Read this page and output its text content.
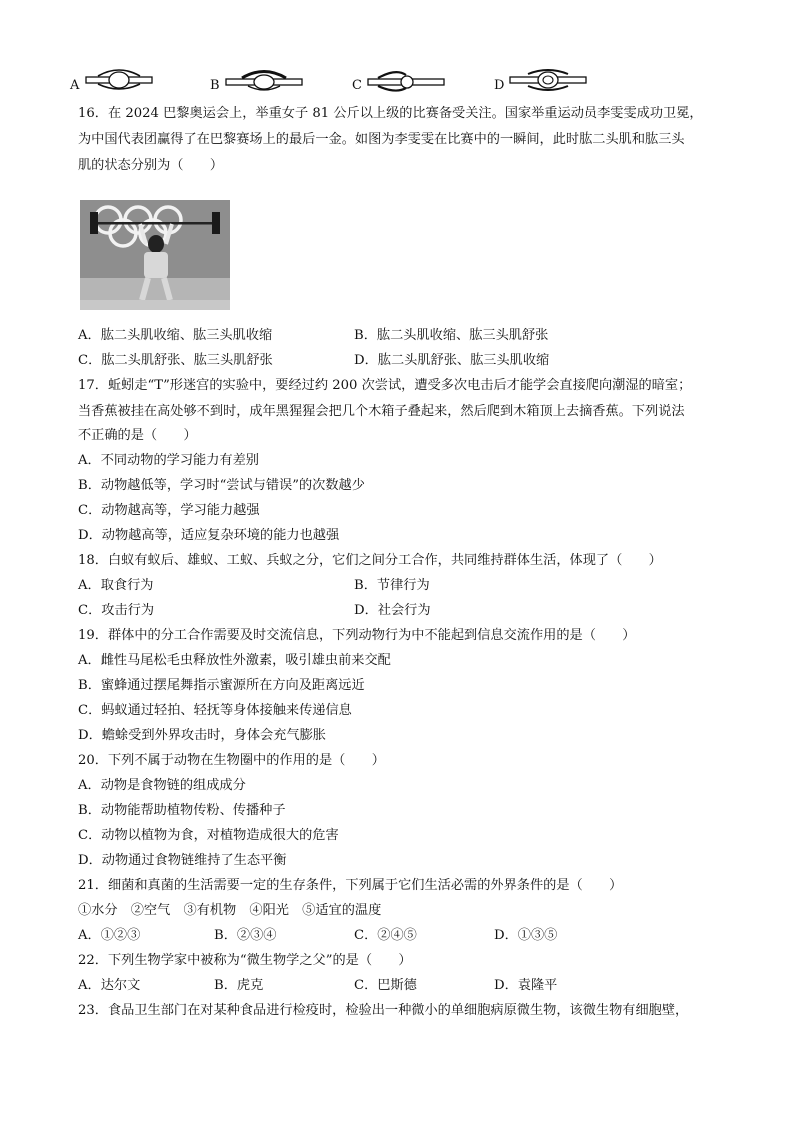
A	B	C	D
16．在 2024 巴黎奥运会上，举重女子 81 公斤以上级的比赛备受关注。国家举重运动员李雯雯成功卫冕，
为中国代表团赢得了在巴黎赛场上的最后一金。如图为李雯雯在比赛中的一瞬间，此时肱二头肌和肱三头
肌的状态分别为（　　）
A．肱二头肌收缩、肱三头肌收缩	B．肱二头肌收缩、肱三头肌舒张
C．肱二头肌舒张、肱三头肌舒张	D．肱二头肌舒张、肱三头肌收缩
17．蚯蚓走“T”形迷宫的实验中，要经过约 200 次尝试，遭受多次电击后才能学会直接爬向潮湿的暗室；
当香蕉被挂在高处够不到时，成年黑猩猩会把几个木箱子叠起来，然后爬到木箱顶上去摘香蕉。下列说法
不正确的是（　　）
A．不同动物的学习能力有差别
B．动物越低等，学习时“尝试与错误”的次数越少
C．动物越高等，学习能力越强
D．动物越高等，适应复杂环境的能力也越强
18．白蚁有蚁后、雄蚁、工蚁、兵蚁之分，它们之间分工合作，共同维持群体生活，体现了（　　）
A．取食行为	B．节律行为
C．攻击行为	D．社会行为
19．群体中的分工合作需要及时交流信息，下列动物行为中不能起到信息交流作用的是（　　）
A．雌性马尾松毛虫释放性外激素，吸引雄虫前来交配
B．蜜蜂通过摆尾舞指示蜜源所在方向及距离远近
C．蚂蚁通过轻拍、轻抚等身体接触来传递信息
D．蟾蜍受到外界攻击时，身体会充气膨胀
20．下列不属于动物在生物圈中的作用的是（　　）
A．动物是食物链的组成成分
B．动物能帮助植物传粉、传播种子
C．动物以植物为食，对植物造成很大的危害
D．动物通过食物链维持了生态平衡
21．细菌和真菌的生活需要一定的生存条件，下列属于它们生活必需的外界条件的是（　　）
①水分　②空气　③有机物　④阳光　⑤适宜的温度
A．①②③	B．②③④	C．②④⑤	D．①③⑤
22．下列生物学家中被称为“微生物学之父”的是（　　）
A．达尔文	B．虎克	C．巴斯德	D．袁隆平
23．食品卫生部门在对某种食品进行检疫时，检验出一种微小的单细胞病原微生物，该微生物有细胞壁，
